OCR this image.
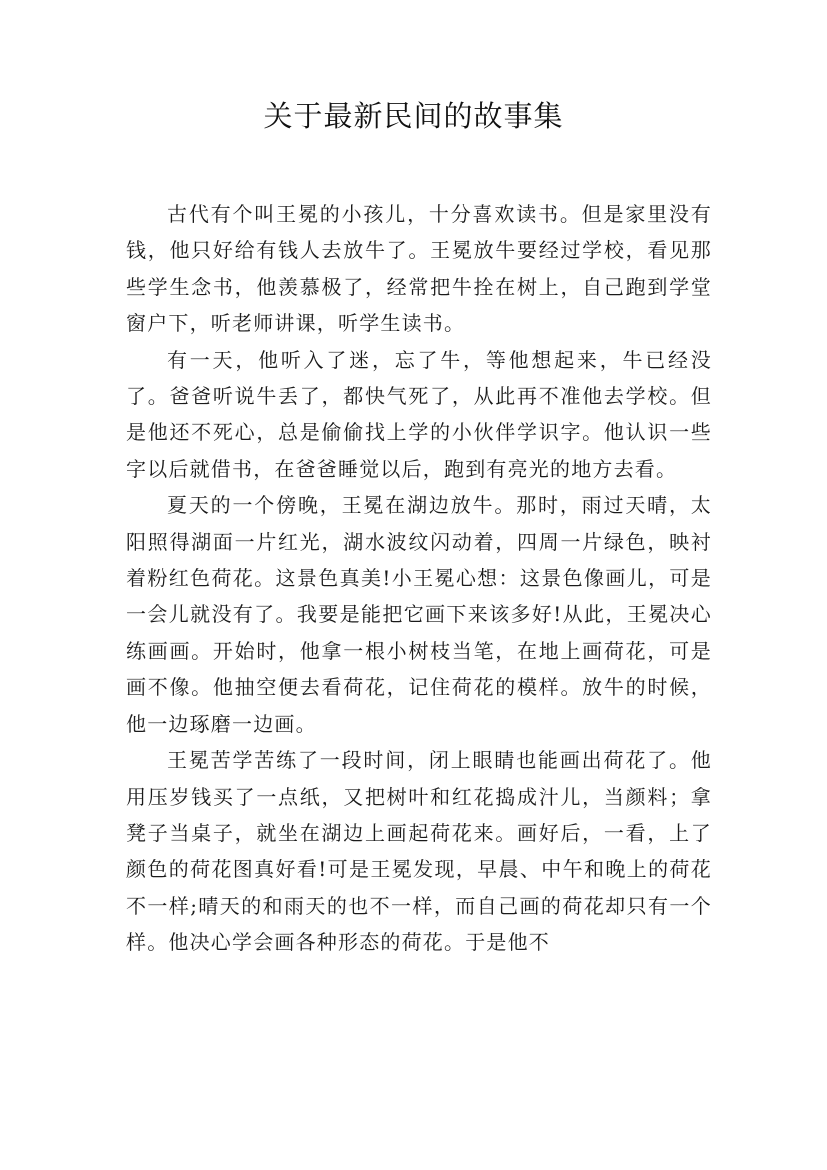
关于最新民间的故事集

古代有个叫王冕的小孩儿，十分喜欢读书。但是家里没有钱，他只好给有钱人去放牛了。王冕放牛要经过学校，看见那些学生念书，他羡慕极了，经常把牛拴在树上，自己跑到学堂窗户下，听老师讲课，听学生读书。

有一天，他听入了迷，忘了牛，等他想起来，牛已经没了。爸爸听说牛丢了，都快气死了，从此再不准他去学校。但是他还不死心，总是偷偷找上学的小伙伴学识字。他认识一些字以后就借书，在爸爸睡觉以后，跑到有亮光的地方去看。

夏天的一个傍晚，王冕在湖边放牛。那时，雨过天晴，太阳照得湖面一片红光，湖水波纹闪动着，四周一片绿色，映衬着粉红色荷花。这景色真美!小王冕心想：这景色像画儿，可是一会儿就没有了。我要是能把它画下来该多好!从此，王冕决心练画画。开始时，他拿一根小树枝当笔，在地上画荷花，可是画不像。他抽空便去看荷花，记住荷花的模样。放牛的时候，他一边琢磨一边画。

王冕苦学苦练了一段时间，闭上眼睛也能画出荷花了。他用压岁钱买了一点纸，又把树叶和红花捣成汁儿，当颜料；拿凳子当桌子，就坐在湖边上画起荷花来。画好后，一看，上了颜色的荷花图真好看!可是王冕发现，早晨、中午和晚上的荷花不一样;晴天的和雨天的也不一样，而自己画的荷花却只有一个样。他决心学会画各种形态的荷花。于是他不
